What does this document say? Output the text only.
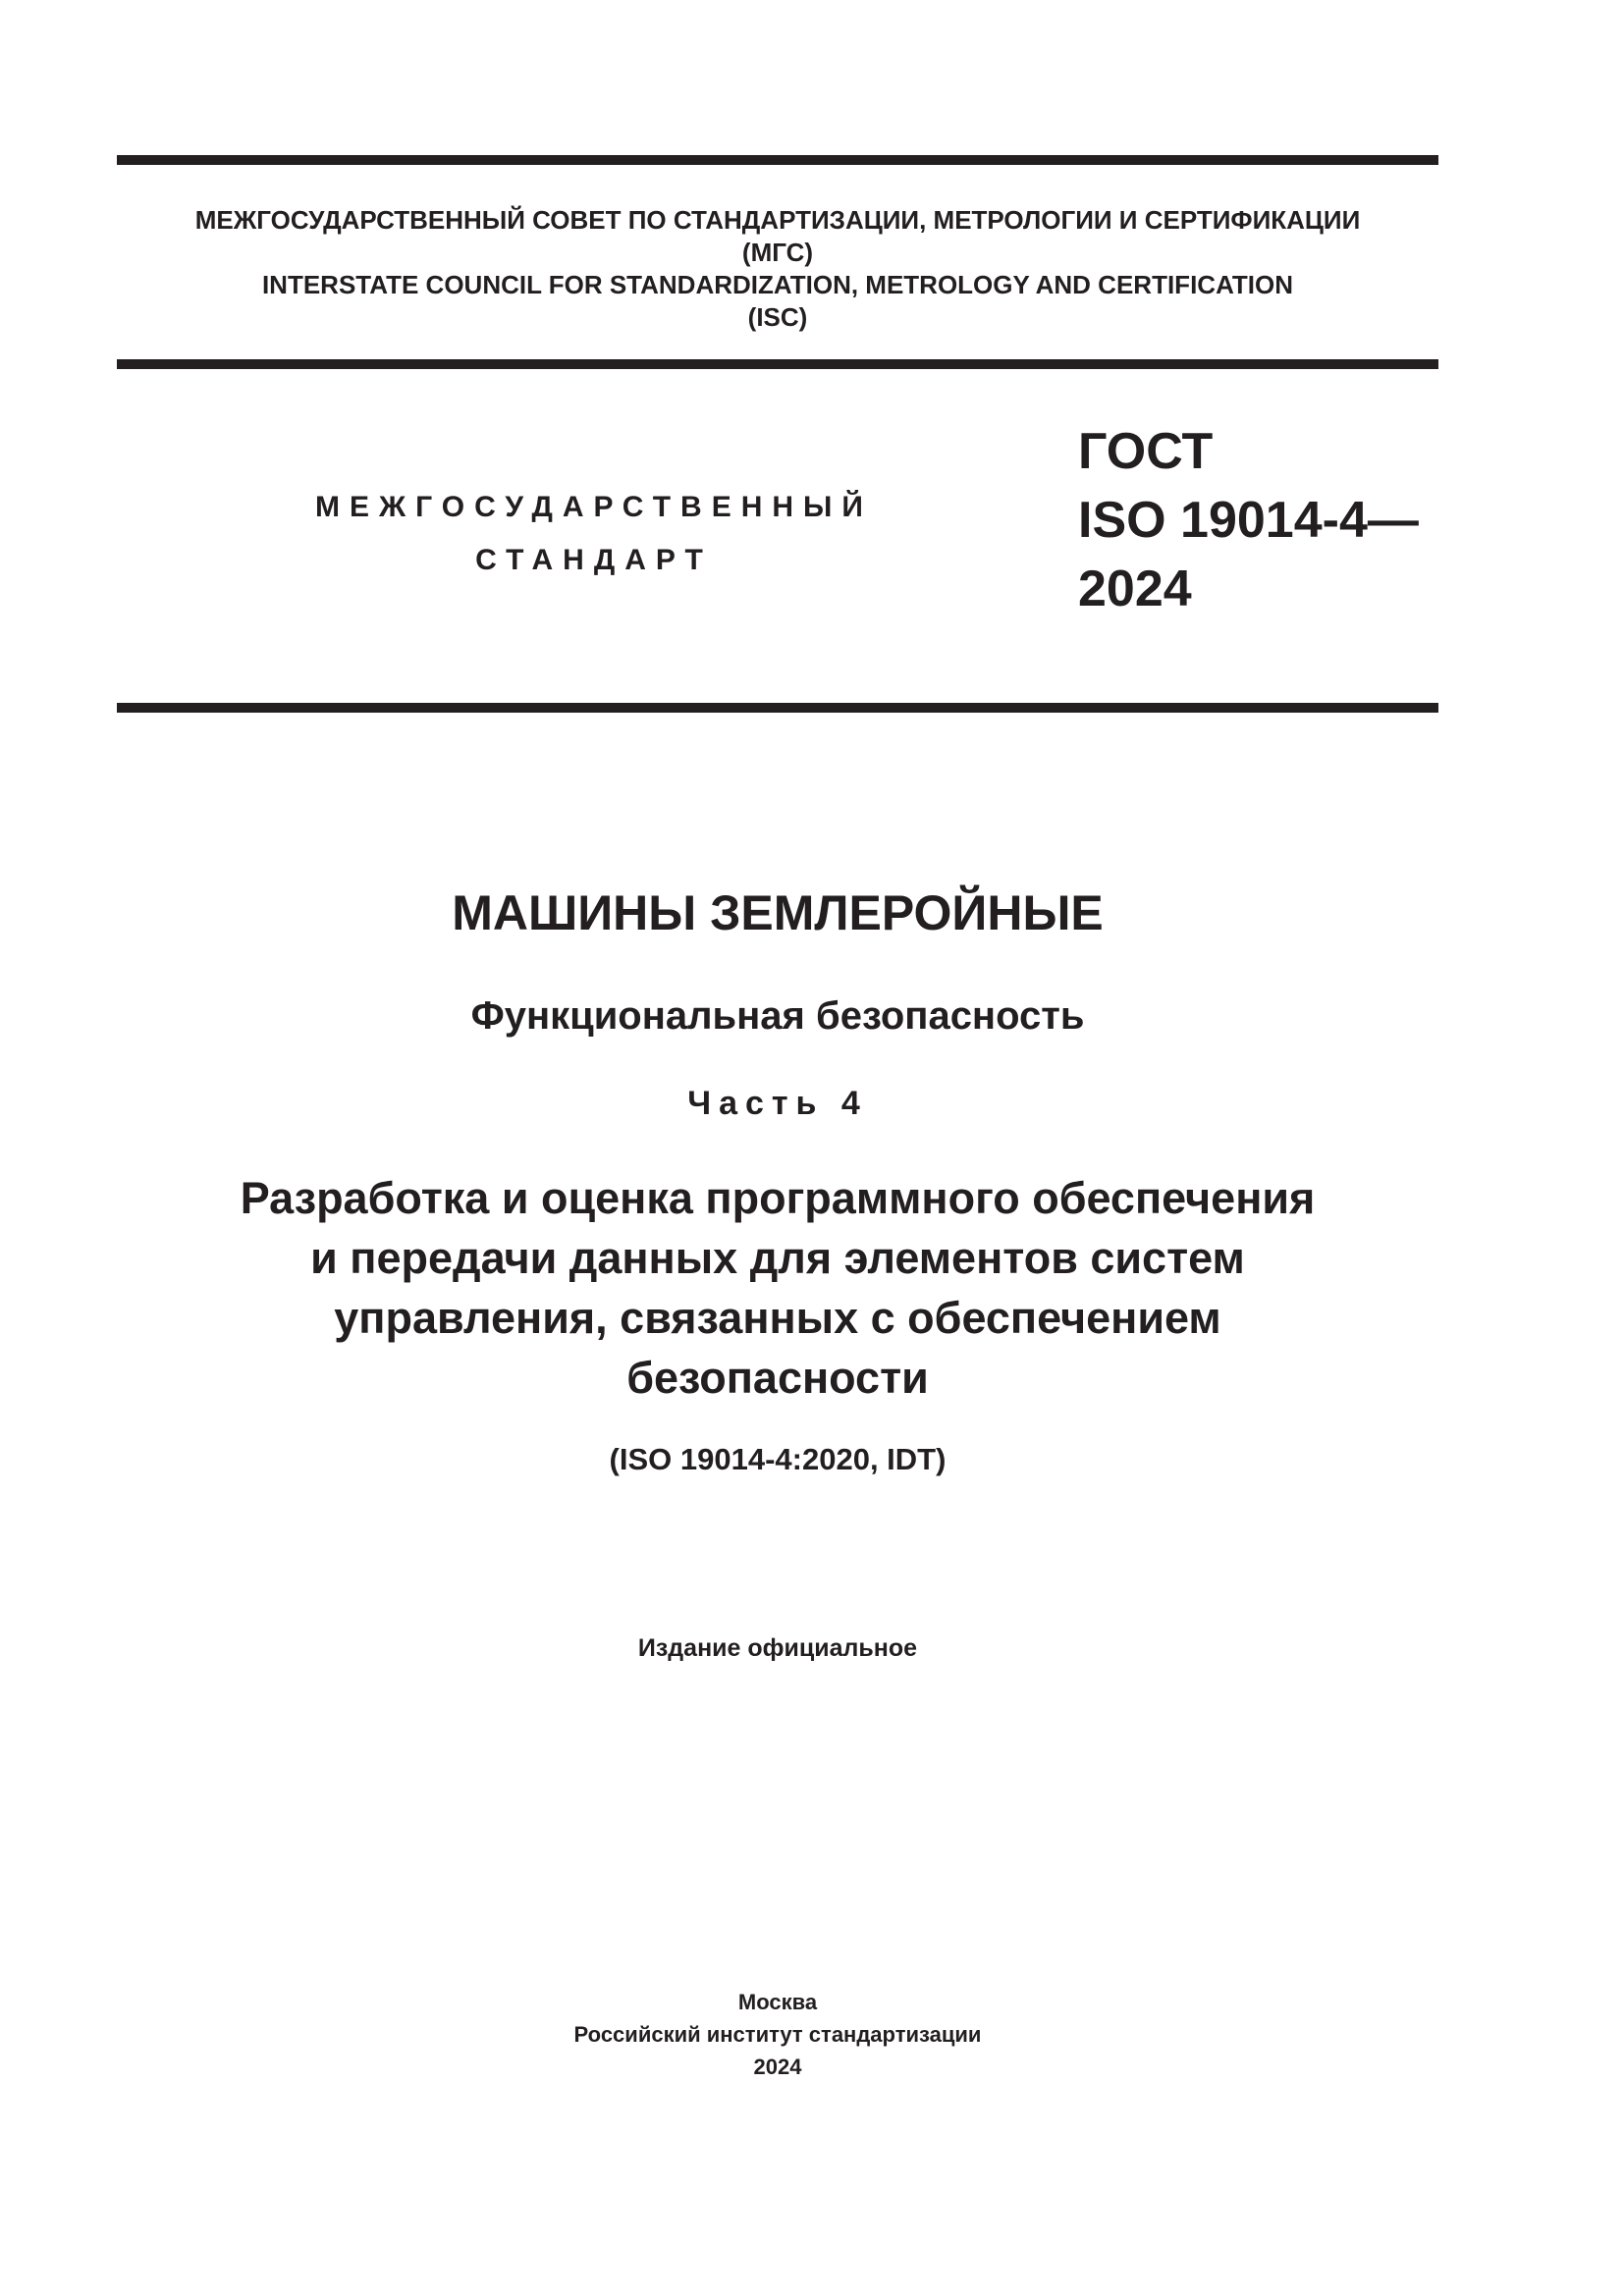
МЕЖГОСУДАРСТВЕННЫЙ СОВЕТ ПО СТАНДАРТИЗАЦИИ, МЕТРОЛОГИИ И СЕРТИФИКАЦИИ
(МГС)
INTERSTATE COUNCIL FOR STANDARDIZATION, METROLOGY AND CERTIFICATION
(ISC)
МЕЖГОСУДАРСТВЕННЫЙ
СТАНДАРТ
ГОСТ
ISO 19014-4—
2024
МАШИНЫ ЗЕМЛЕРОЙНЫЕ
Функциональная безопасность
Часть 4
Разработка и оценка программного обеспечения
и передачи данных для элементов систем
управления, связанных с обеспечением
безопасности
(ISO 19014-4:2020, IDT)
Издание официальное
Москва
Российский институт стандартизации
2024
